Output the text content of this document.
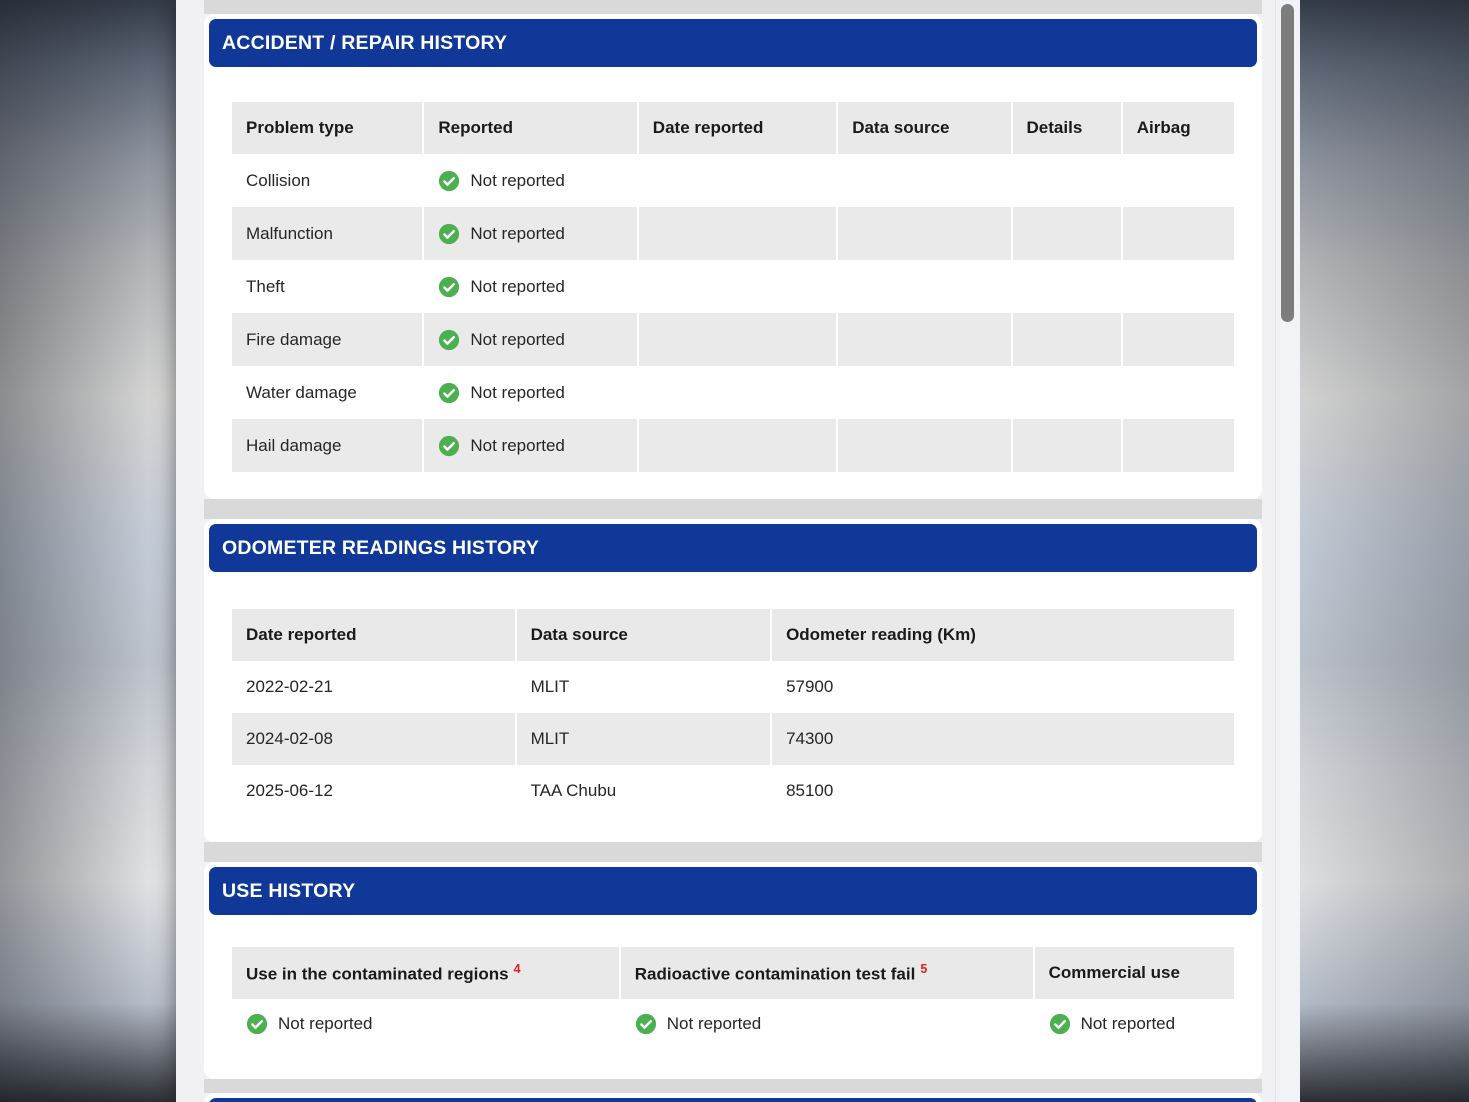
ACCIDENT / REPAIR HISTORY
Problem type	Reported	Date reported	Data source	Details	Airbag
Collision	Not reported				

Malfunction	Not reported				

Theft	Not reported				

Fire damage	Not reported				

Water damage	Not reported				

Hail damage	Not reported				

ODOMETER READINGS HISTORY
Date reported	Data source	Odometer reading (Km)
2022-02-21	MLIT	57900
2024-02-08	MLIT	74300
2025-06-12	TAA Chubu	85100
USE HISTORY
Use in the contaminated regions $^4$	Radioactive contamination test fail $^5$	Commercial use

Not reported	Not reported	Not reported
